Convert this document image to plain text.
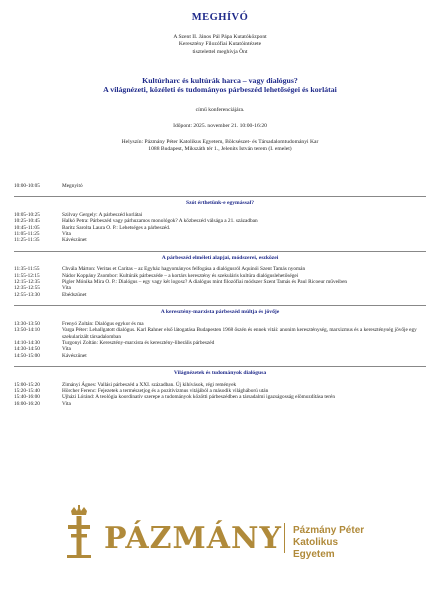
MEGHÍVÓ
A Szent II. János Pál Pápa Kutatóközpont
Keresztény Filozófiai Kutatóintézete
tisztelettel meghívja Önt
Kultúrharc és kultúrák harca – vagy dialógus?
A világnézeti, közéleti és tudományos párbeszéd lehetőségei és korlátai
című konferenciájára.
Időpont: 2025. november 21. 10:00-16:20
Helyszín: Pázmány Péter Katolikus Egyetem, Bölcsészet- és Társadalomtudományi Kar
1088 Budapest, Mikszáth tér 1., Jelenits István terem (I. emelet)
10:00-10:05	Megnyitó
Szót érthetünk-e egymással?
10:05-10:25	Szilvay Gergely: A párbeszéd korlátai
10:25-10:45	Halkó Petra: Párbeszéd vagy párhuzamos monológok? A közbeszéd válsága a 21. században
10:45-11:05	Baritz Sarolta Laura O. P.: Lehetséges a párbeszéd.
11:05-11:25	Vita
11:25-11:35	Kávészünet
A párbeszéd elméleti alapjai, módszerei, eszközei
11:35-11:55	Chvála Márton: Veritas et Caritas – az Egyház hagyományos felfogása a dialógusról Aquinói Szent Tamás nyomán
11:55-12:15	Nádor Koppány Zsombor: Kultúrák párbeszéde – a kortárs keresztény és szekuláris kultúra dialóguslehetőségei
12:15-12:35	Pigler Mónika Mira O. P.: Dialógus – egy vagy két logosz? A dialógus mint filozófiai módszer Szent Tamás és Paul Ricoeur műveiben
12:35-12:55	Vita
12:55-13:30	Ebédszünet
A keresztény-marxista párbeszéd múltja és jövője
13:30-13:50	Frenyó Zoltán: Dialógus egykor és ma
13:50-14:10	Varga Péter: Lehallgatott dialógus. Karl Rahner első látogatása Budapesten 1968 őszén és ennek vitái: anonim kereszténység, marxizmus és a kereszténység jövője egy szekularizált társadalomban
14:10-14:30	Turgonyi Zoltán: Keresztény-marxista és keresztény-liberális párbeszéd
14:30-14:50	Vita
14:50-15:00	Kávészünet
Világnézetek és tudományok dialógusa
15:00-15:20	Zimányi Ágnes: Vallási párbeszéd a XXI. században. Új kihívások, régi remények
15:20-15:40	Hörcher Ferenc: Fejezetek a természetjog és a pozitivizmus vitájából a második világháború után
15:40-16:00	Ujházi Lóránd: A teológia koordinatív szerepe a tudományok közötti párbeszédben a társadalmi igazságosság elömozdítása terén
16:00-16:20	Vita
PÁZMÁNY Pázmány Péter
Katolikus Egyetem
